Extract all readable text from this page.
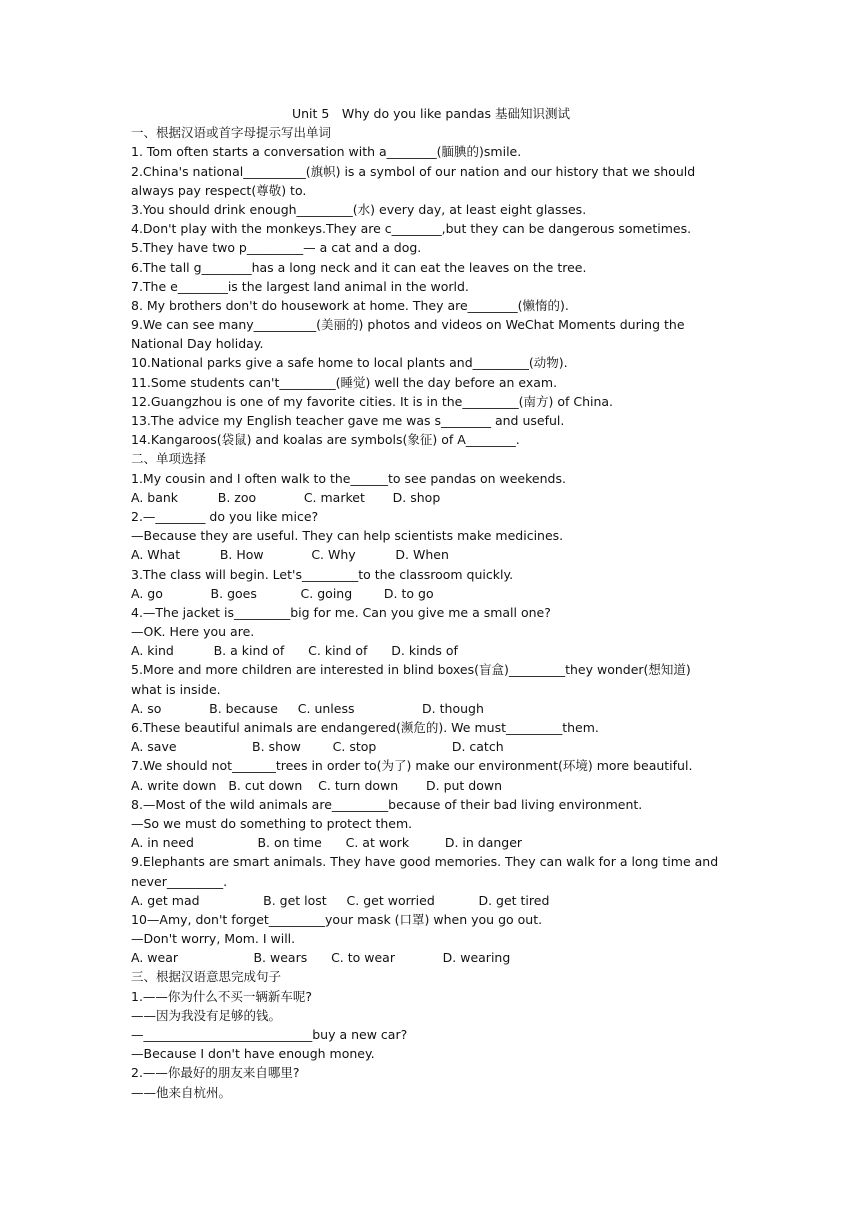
Unit 5　Why do you like pandas 基础知识测试
一、根据汉语或首字母提示写出单词
1. Tom often starts a conversation with a________(腼腆的)smile.
2.China's national__________(旗帜) is a symbol of our nation and our history that we should
always pay respect(尊敬) to.
3.You should drink enough_________(水) every day, at least eight glasses.
4.Don't play with the monkeys.They are c________,but they can be dangerous sometimes.
5.They have two p_________— a cat and a dog.
6.The tall g________has a long neck and it can eat the leaves on the tree.
7.The e________is the largest land animal in the world.
8. My brothers don't do housework at home. They are________(懒惰的).
9.We can see many__________(美丽的) photos and videos on WeChat Moments during the
National Day holiday.
10.National parks give a safe home to local plants and_________(动物).
11.Some students can't_________(睡觉) well the day before an exam.
12.Guangzhou is one of my favorite cities. It is in the_________(南方) of China.
13.The advice my English teacher gave me was s________ and useful.
14.Kangaroos(袋鼠) and koalas are symbols(象征) of A________.
二、单项选择
1.My cousin and I often walk to the______to see pandas on weekends.
A. bank          B. zoo            C. market       D. shop
2.—________ do you like mice?
—Because they are useful. They can help scientists make medicines.
A. What          B. How            C. Why          D. When
3.The class will begin. Let's_________to the classroom quickly.
A. go            B. goes           C. going        D. to go
4.—The jacket is_________big for me. Can you give me a small one?
—OK. Here you are.
A. kind          B. a kind of      C. kind of      D. kinds of
5.More and more children are interested in blind boxes(盲盒)_________they wonder(想知道)
what is inside.
A. so            B. because     C. unless                 D. though
6.These beautiful animals are endangered(濒危的). We must_________them.
A. save                   B. show        C. stop                   D. catch
7.We should not_______trees in order to(为了) make our environment(环境) more beautiful.
A. write down   B. cut down    C. turn down       D. put down
8.—Most of the wild animals are_________because of their bad living environment.
—So we must do something to protect them.
A. in need                B. on time      C. at work         D. in danger
9.Elephants are smart animals. They have good memories. They can walk for a long time and
never_________.
A. get mad                B. get lost     C. get worried           D. get tired
10—Amy, don't forget_________your mask (口罩) when you go out.
—Don't worry, Mom. I will.
A. wear                   B. wears      C. to wear            D. wearing
三、根据汉语意思完成句子
1.——你为什么不买一辆新车呢?
——因为我没有足够的钱。
—___________________________buy a new car?
—Because I don't have enough money.
2.——你最好的朋友来自哪里?
——他来自杭州。
